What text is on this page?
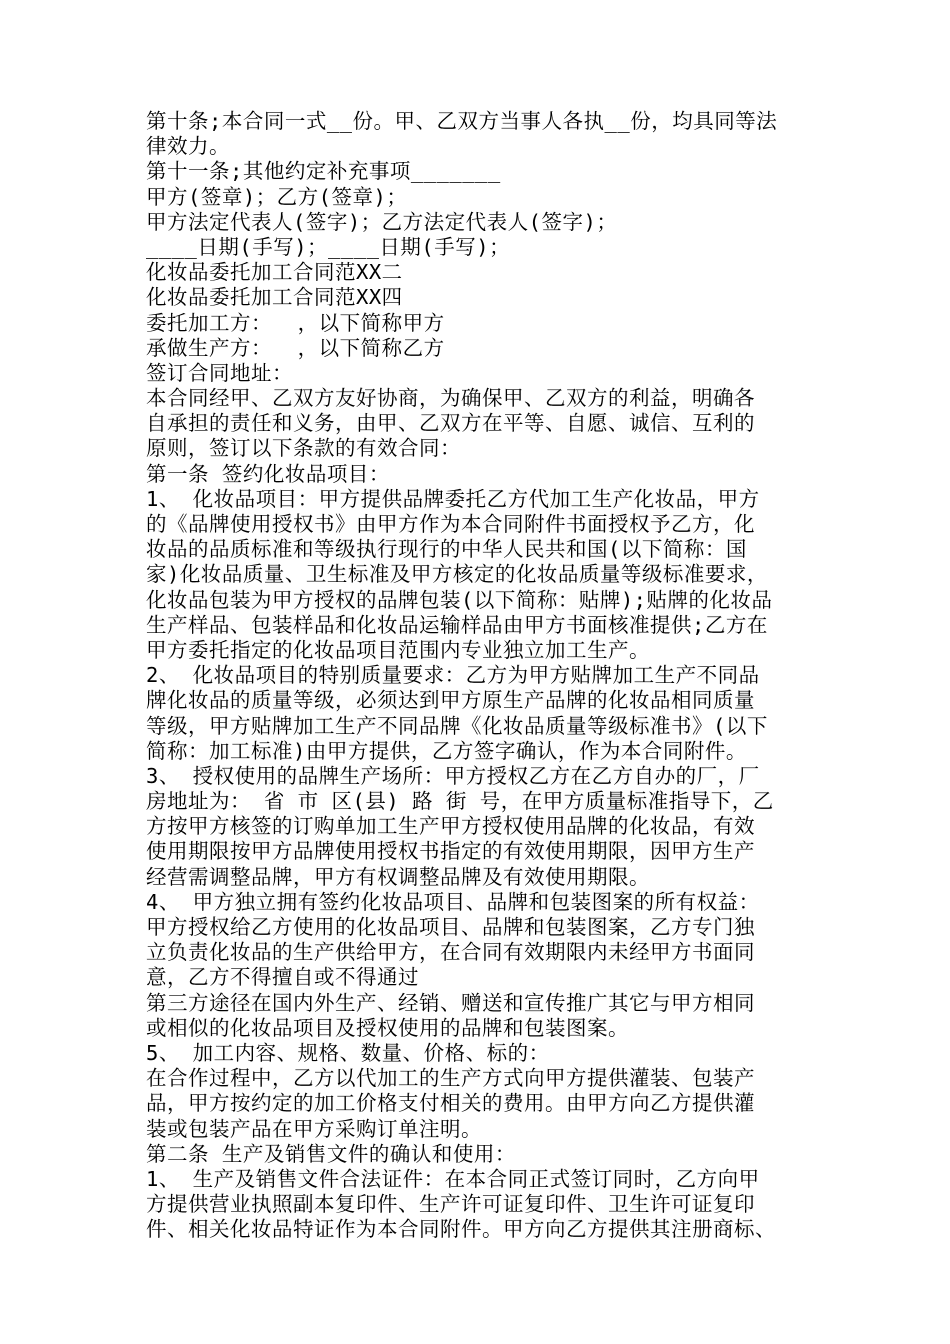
第十条;本合同一式__份。甲、乙双方当事人各执__份，均具同等法
律效力。
第十一条;其他约定补充事项_______
甲方(签章)；乙方(签章)；
甲方法定代表人(签字)；乙方法定代表人(签字)；
____日期(手写)；____日期(手写)；
化妆品委托加工合同范XX二
化妆品委托加工合同范XX四
委托加工方：  ，以下简称甲方
承做生产方：  ，以下简称乙方
签订合同地址：
本合同经甲、乙双方友好协商，为确保甲、乙双方的利益，明确各
自承担的责任和义务，由甲、乙双方在平等、自愿、诚信、互利的
原则，签订以下条款的有效合同：
第一条 签约化妆品项目：
1、 化妆品项目：甲方提供品牌委托乙方代加工生产化妆品，甲方
的《品牌使用授权书》由甲方作为本合同附件书面授权予乙方，化
妆品的品质标准和等级执行现行的中华人民共和国(以下简称：国
家)化妆品质量、卫生标准及甲方核定的化妆品质量等级标准要求，
化妆品包装为甲方授权的品牌包装(以下简称：贴牌);贴牌的化妆品
生产样品、包装样品和化妆品运输样品由甲方书面核准提供;乙方在
甲方委托指定的化妆品项目范围内专业独立加工生产。
2、 化妆品项目的特别质量要求：乙方为甲方贴牌加工生产不同品
牌化妆品的质量等级，必须达到甲方原生产品牌的化妆品相同质量
等级，甲方贴牌加工生产不同品牌《化妆品质量等级标准书》(以下
简称：加工标准)由甲方提供，乙方签字确认，作为本合同附件。
3、 授权使用的品牌生产场所：甲方授权乙方在乙方自办的厂，厂
房地址为： 省 市 区(县) 路 街 号，在甲方质量标准指导下，乙
方按甲方核签的订购单加工生产甲方授权使用品牌的化妆品，有效
使用期限按甲方品牌使用授权书指定的有效使用期限，因甲方生产
经营需调整品牌，甲方有权调整品牌及有效使用期限。
4、 甲方独立拥有签约化妆品项目、品牌和包装图案的所有权益：
甲方授权给乙方使用的化妆品项目、品牌和包装图案，乙方专门独
立负责化妆品的生产供给甲方，在合同有效期限内未经甲方书面同
意，乙方不得擅自或不得通过
第三方途径在国内外生产、经销、赠送和宣传推广其它与甲方相同
或相似的化妆品项目及授权使用的品牌和包装图案。
5、 加工内容、规格、数量、价格、标的：
在合作过程中，乙方以代加工的生产方式向甲方提供灌装、包装产
品，甲方按约定的加工价格支付相关的费用。由甲方向乙方提供灌
装或包装产品在甲方采购订单注明。
第二条 生产及销售文件的确认和使用：
1、 生产及销售文件合法证件：在本合同正式签订同时，乙方向甲
方提供营业执照副本复印件、生产许可证复印件、卫生许可证复印
件、相关化妆品特证作为本合同附件。甲方向乙方提供其注册商标、
